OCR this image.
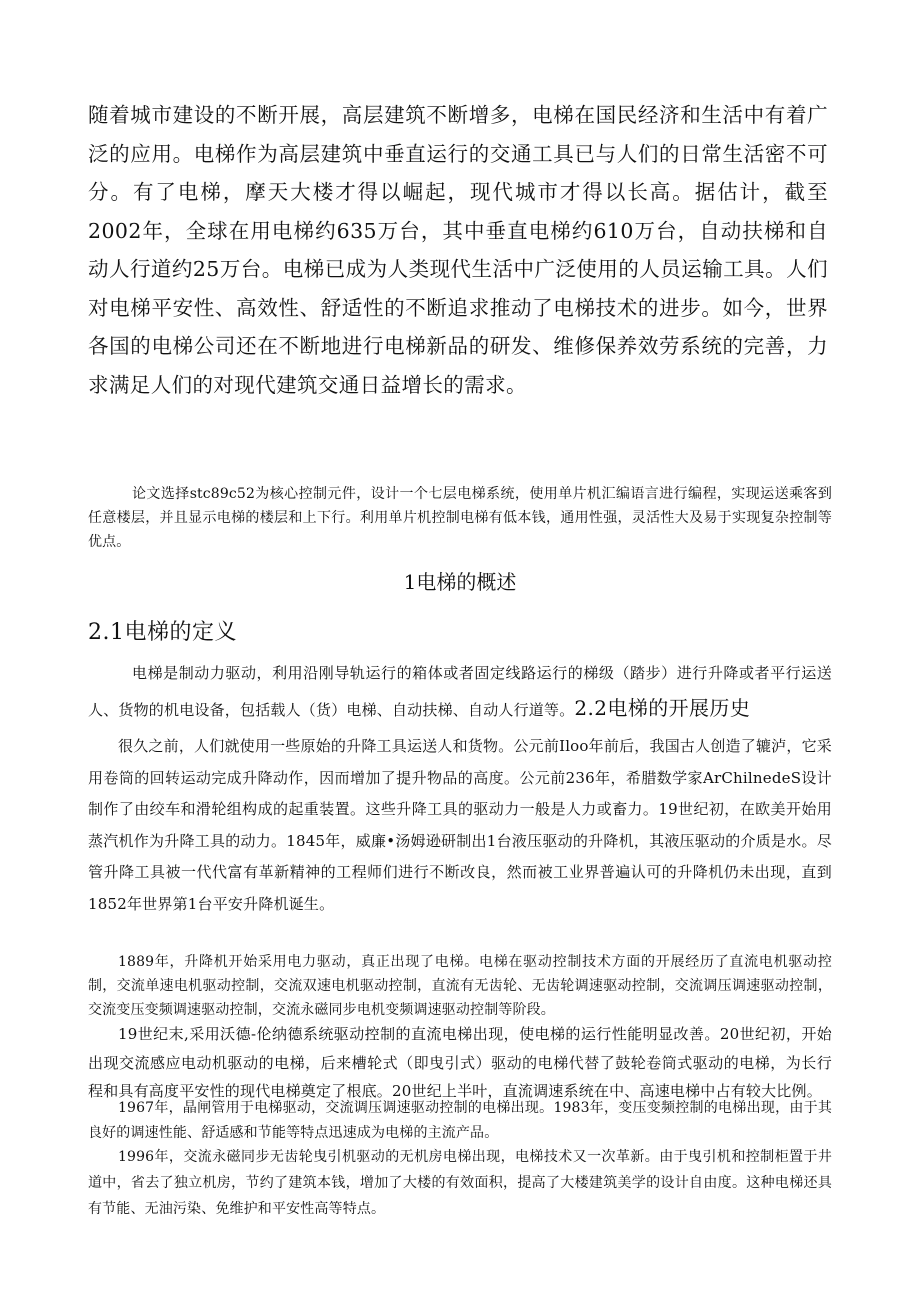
随着城市建设的不断开展，高层建筑不断增多，电梯在国民经济和生活中有着广泛的应用。电梯作为高层建筑中垂直运行的交通工具已与人们的日常生活密不可分。有了电梯，摩天大楼才得以崛起，现代城市才得以长高。据估计，截至2002年，全球在用电梯约635万台，其中垂直电梯约610万台，自动扶梯和自动人行道约25万台。电梯已成为人类现代生活中广泛使用的人员运输工具。人们对电梯平安性、高效性、舒适性的不断追求推动了电梯技术的进步。如今，世界各国的电梯公司还在不断地进行电梯新品的研发、维修保养效劳系统的完善，力求满足人们的对现代建筑交通日益增长的需求。

论文选择stc89c52为核心控制元件，设计一个七层电梯系统，使用单片机汇编语言进行编程，实现运送乘客到任意楼层，并且显示电梯的楼层和上下行。利用单片机控制电梯有低本钱，通用性强，灵活性大及易于实现复杂控制等优点。

1电梯的概述
2.1电梯的定义

电梯是制动力驱动，利用沿刚导轨运行的箱体或者固定线路运行的梯级（踏步）进行升降或者平行运送人、货物的机电设备，包括载人（货）电梯、自动扶梯、自动人行道等。2.2电梯的开展历史

很久之前，人们就使用一些原始的升降工具运送人和货物。公元前Iloo年前后，我国古人创造了辘泸，它采用卷筒的回转运动完成升降动作，因而增加了提升物品的高度。公元前236年，希腊数学家ArChilnedeS设计制作了由绞车和滑轮组构成的起重装置。这些升降工具的驱动力一般是人力或畜力。19世纪初，在欧美开始用蒸汽机作为升降工具的动力。1845年，威廉•汤姆逊研制出1台液压驱动的升降机，其液压驱动的介质是水。尽管升降工具被一代代富有革新精神的工程师们进行不断改良，然而被工业界普遍认可的升降机仍未出现，直到1852年世界第1台平安升降机诞生。

1889年，升降机开始采用电力驱动，真正出现了电梯。电梯在驱动控制技术方面的开展经历了直流电机驱动控制，交流单速电机驱动控制，交流双速电机驱动控制，直流有无齿轮、无齿轮调速驱动控制，交流调压调速驱动控制，交流变压变频调速驱动控制，交流永磁同步电机变频调速驱动控制等阶段。

19世纪末,采用沃德-伦纳德系统驱动控制的直流电梯出现，使电梯的运行性能明显改善。20世纪初，开始出现交流感应电动机驱动的电梯，后来槽轮式（即曳引式）驱动的电梯代替了鼓轮卷筒式驱动的电梯，为长行程和具有高度平安性的现代电梯奠定了根底。20世纪上半叶，直流调速系统在中、高速电梯中占有较大比例。

1967年，晶闸管用于电梯驱动，交流调压调速驱动控制的电梯出现。1983年，变压变频控制的电梯出现，由于其良好的调速性能、舒适感和节能等特点迅速成为电梯的主流产品。

1996年，交流永磁同步无齿轮曳引机驱动的无机房电梯出现，电梯技术又一次革新。由于曳引机和控制柜置于井道中，省去了独立机房，节约了建筑本钱，增加了大楼的有效面积，提高了大楼建筑美学的设计自由度。这种电梯还具有节能、无油污染、免维护和平安性高等特点。
